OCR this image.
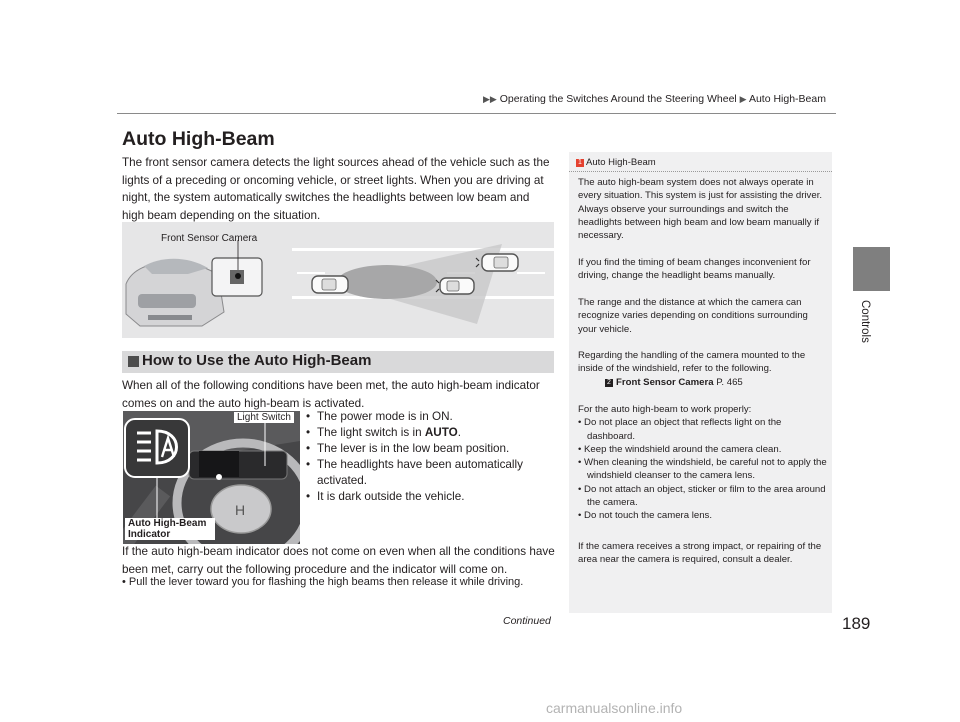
▶▶ Operating the Switches Around the Steering Wheel ▶ Auto High-Beam
Controls
Auto High-Beam
The front sensor camera detects the light sources ahead of the vehicle such as the lights of a preceding or oncoming vehicle, or street lights. When you are driving at night, the system automatically switches the headlights between low beam and high beam depending on the situation.
Front Sensor Camera
How to Use the Auto High-Beam
When all of the following conditions have been met, the auto high-beam indicator comes on and the auto high-beam is activated.
H
Light Switch
Auto High-Beam Indicator
• The power mode is in ON.
• The light switch is in AUTO.
• The lever is in the low beam position.
• The headlights have been automatically activated.
• It is dark outside the vehicle.
If the auto high-beam indicator does not come on even when all the conditions have been met, carry out the following procedure and the indicator will come on.
• Pull the lever toward you for flashing the high beams then release it while driving.
1 Auto High-Beam
The auto high-beam system does not always operate in every situation. This system is just for assisting the driver. Always observe your surroundings and switch the headlights between high beam and low beam manually if necessary.
If you find the timing of beam changes inconvenient for driving, change the headlight beams manually.
The range and the distance at which the camera can recognize varies depending on conditions surrounding your vehicle.
Regarding the handling of the camera mounted to the inside of the windshield, refer to the following.
2 Front Sensor Camera P. 465
For the auto high-beam to work properly:
• Do not place an object that reflects light on the dashboard.
• Keep the windshield around the camera clean.
• When cleaning the windshield, be careful not to apply the windshield cleanser to the camera lens.
• Do not attach an object, sticker or film to the area around the camera.
• Do not touch the camera lens.
If the camera receives a strong impact, or repairing of the area near the camera is required, consult a dealer.
Continued	189
carmanualsonline.info
